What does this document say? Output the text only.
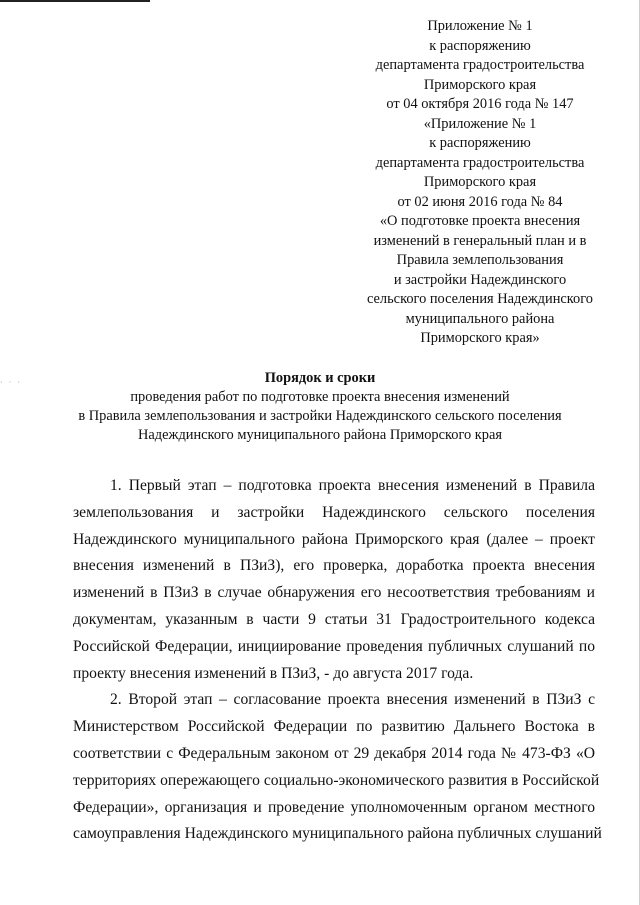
· · ·
Приложение № 1
к распоряжению
департамента градостроительства
Приморского края
от 04 октября 2016 года № 147
«Приложение № 1
к распоряжению
департамента градостроительства
Приморского края
от 02 июня 2016 года № 84
«О подготовке проекта внесения
изменений в генеральный план и в
Правила землепользования
и застройки Надеждинского
сельского поселения Надеждинского
муниципального района
Приморского края»
Порядок и сроки
проведения работ по подготовке проекта внесения изменений
в Правила землепользования и застройки Надеждинского сельского поселения
Надеждинского муниципального района Приморского края
1. Первый этап – подготовка проекта внесения изменений в Правила
землепользования и застройки Надеждинского сельского поселения
Надеждинского муниципального района Приморского края (далее – проект
внесения изменений в ПЗиЗ), его проверка, доработка проекта внесения
изменений в ПЗиЗ в случае обнаружения его несоответствия требованиям и
документам, указанным в части 9 статьи 31 Градостроительного кодекса
Российской Федерации, инициирование проведения публичных слушаний по
проекту внесения изменений в ПЗиЗ, - до августа 2017 года.
2. Второй этап – согласование проекта внесения изменений в ПЗиЗ с
Министерством Российской Федерации по развитию Дальнего Востока в
соответствии с Федеральным законом от 29 декабря 2014 года № 473-ФЗ «О
территориях опережающего социально-экономического развития в Российской
Федерации», организация и проведение уполномоченным органом местного
самоуправления Надеждинского муниципального района публичных слушаний
